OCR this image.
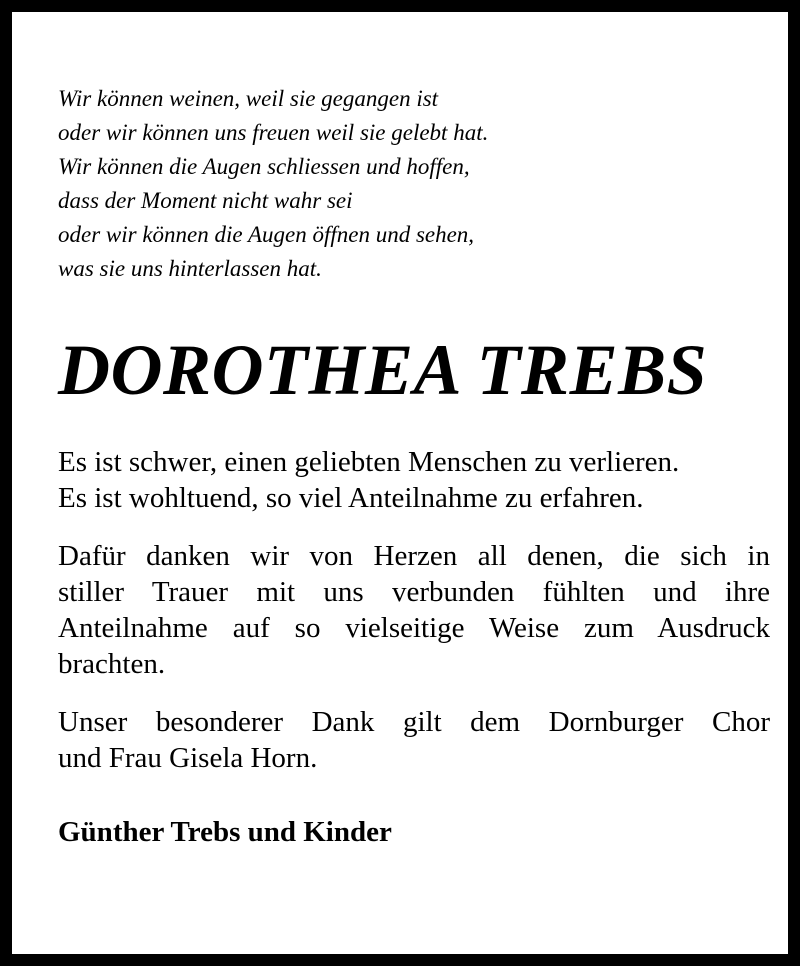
Wir können weinen, weil sie gegangen ist
oder wir können uns freuen weil sie gelebt hat.
Wir können die Augen schliessen und hoffen,
dass der Moment nicht wahr sei
oder wir können die Augen öffnen und sehen,
was sie uns hinterlassen hat.
DOROTHEA TREBS
Es ist schwer, einen geliebten Menschen zu verlieren.
Es ist wohltuend, so viel Anteilnahme zu erfahren.
Dafür danken wir von Herzen all denen, die sich in
stiller Trauer mit uns verbunden fühlten und ihre
Anteilnahme auf so vielseitige Weise zum Ausdruck
brachten.
Unser besonderer Dank gilt dem Dornburger Chor
und Frau Gisela Horn.
Günther Trebs und Kinder
